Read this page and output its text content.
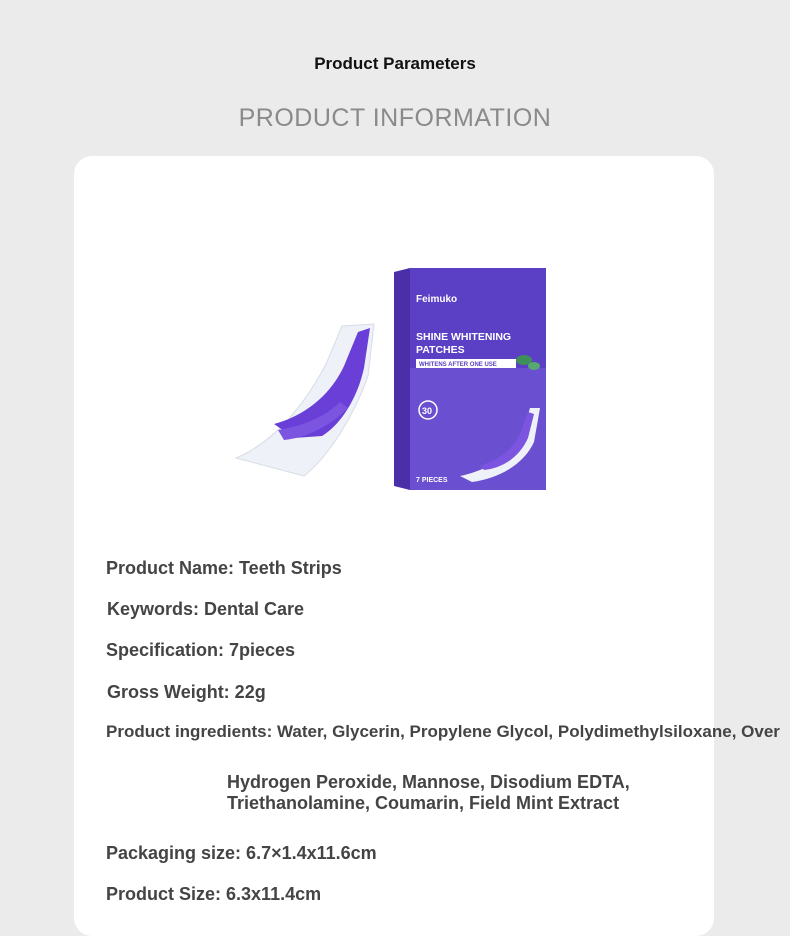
Product Parameters
PRODUCT INFORMATION
Feimuko
SHINE WHITENING
PATCHES
WHITENS AFTER ONE USE
30
7 PIECES
Product Name: Teeth Strips
Keywords: Dental Care
Specification: 7pieces
Gross Weight: 22g
Product ingredients: Water, Glycerin, Propylene Glycol, Polydimethylsiloxane, Over
Hydrogen Peroxide, Mannose, Disodium EDTA,
Triethanolamine, Coumarin, Field Mint Extract
Packaging size: 6.7×1.4x11.6cm
Product Size: 6.3x11.4cm
